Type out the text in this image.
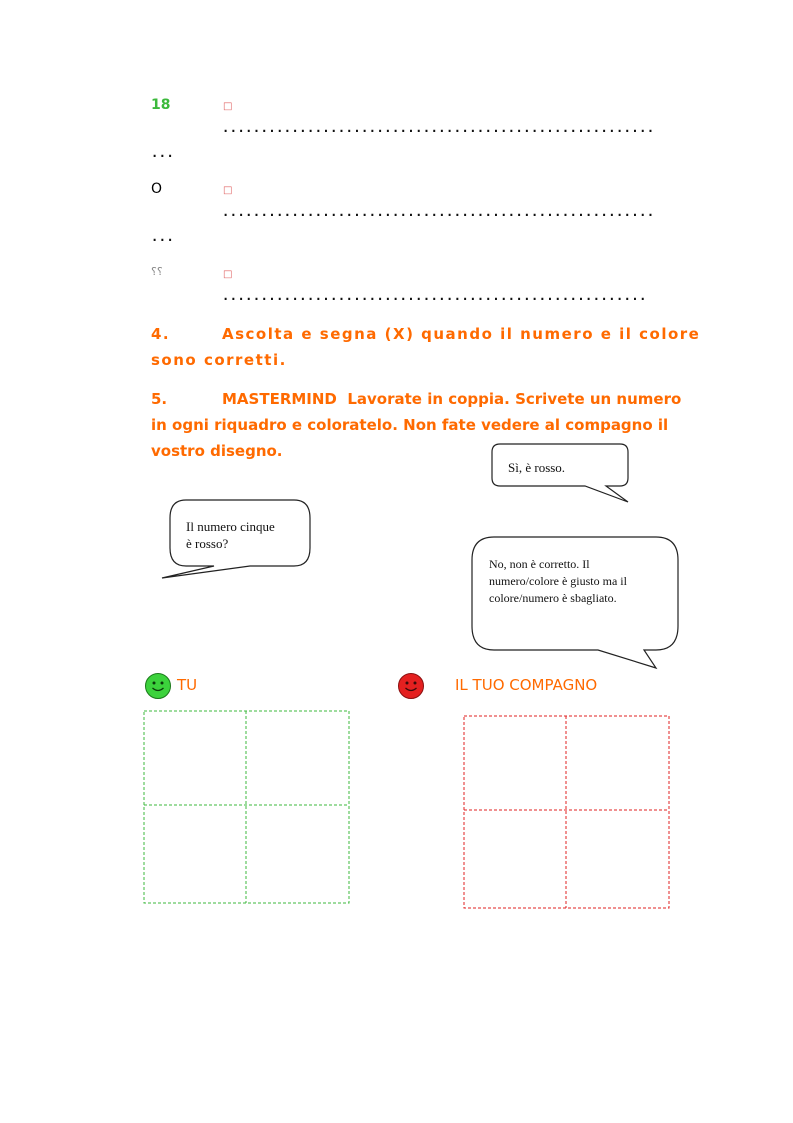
18	□
........................................................
...
O	□
........................................................
...
⸮⸮	□
.......................................................
4.	Ascolta e segna (X) quando il numero e il colore
sono corretti.
5.	MASTERMIND Lavorate in coppia. Scrivete un numero
in ogni riquadro e coloratelo. Non fate vedere al compagno il
vostro disegno.
Sì, è rosso.
Il numero cinque
è rosso?
No, non è corretto. Il
numero/colore è giusto ma il
colore/numero è sbagliato.
TU	IL TUO COMPAGNO
